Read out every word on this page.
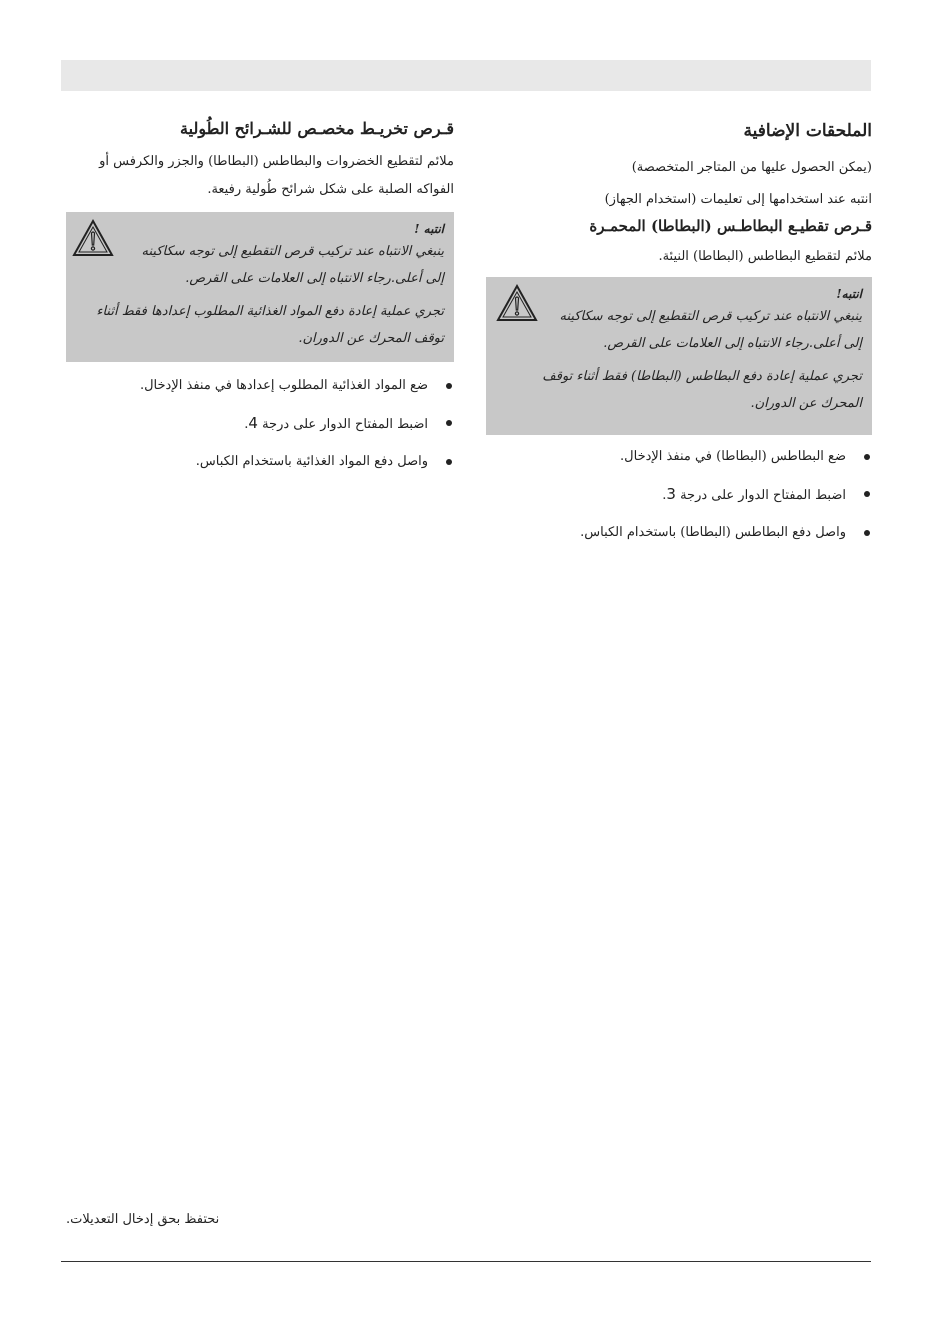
الملحقات الإضافية

(يمكن الحصول عليها من المتاجر المتخصصة)

انتبه عند استخدامها إلى تعليمات (استخدام الجهاز)

قـرص تقطيـع البطاطـس (البطاطا) المحمـرة

ملائم لتقطيع البطاطس (البطاطا) النيئة.

انتبه!

ينبغي الانتباه عند تركيب قرص التقطيع إلى توجه سكاكينه إلى أعلى.رجاء الانتباه إلى العلامات على القرص.

تجري عملية إعادة دفع البطاطس (البطاطا) فقط أثناء توقف المحرك عن الدوران.

ضع البطاطس (البطاطا) في منفذ الإدخال.
اضبط المفتاح الدوار على درجة 3.
واصل دفع البطاطس (البطاطا) باستخدام الكباس.
قـرص تخريـط مخصـص للشـرائح الطُولية

ملائم لتقطيع الخضروات والبطاطس (البطاطا) والجزر والكرفس أو الفواكه الصلبة على شكل شرائح طُولية رفيعة.

انتبه !

ينبغي الانتباه عند تركيب قرص التقطيع إلى توجه سكاكينه إلى أعلى.رجاء الانتباه إلى العلامات على القرص.

تجري عملية إعادة دفع المواد الغذائية المطلوب إعدادها فقط أثناء توقف المحرك عن الدوران.

ضع المواد الغذائية المطلوب إعدادها في منفذ الإدخال.
اضبط المفتاح الدوار على درجة 4.
واصل دفع المواد الغذائية باستخدام الكباس.
نحتفظ بحق إدخال التعديلات.
